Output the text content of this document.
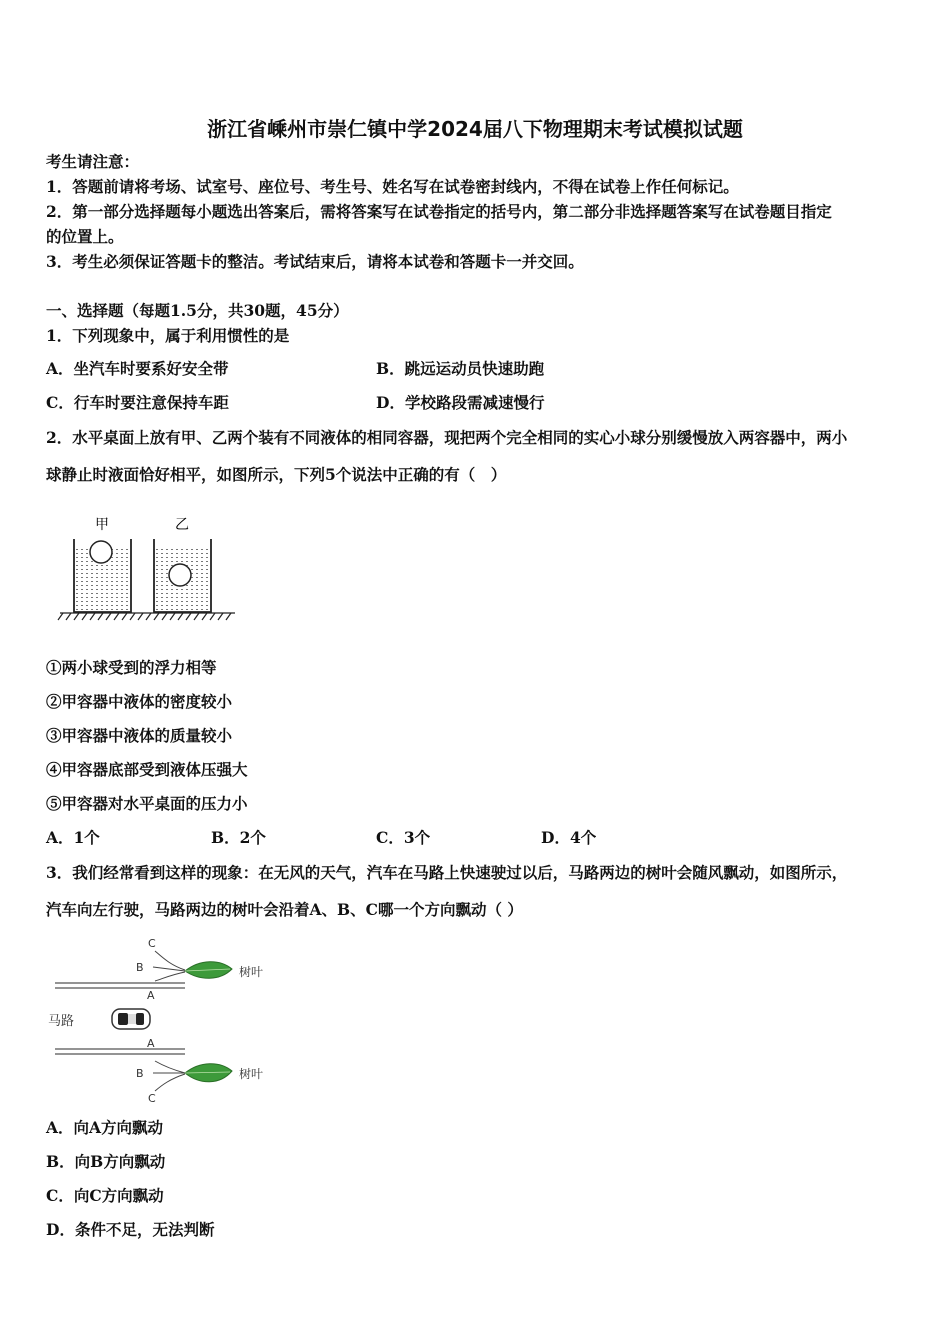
浙江省嵊州市崇仁镇中学2024届八下物理期末考试模拟试题
考生请注意：
1．答题前请将考场、试室号、座位号、考生号、姓名写在试卷密封线内，不得在试卷上作任何标记。
2．第一部分选择题每小题选出答案后，需将答案写在试卷指定的括号内，第二部分非选择题答案写在试卷题目指定
的位置上。
3．考生必须保证答题卡的整洁。考试结束后，请将本试卷和答题卡一并交回。
一、选择题（每题1.5分，共30题，45分）
1．下列现象中，属于利用惯性的是
A．坐汽车时要系好安全带	B．跳远运动员快速助跑
C．行车时要注意保持车距	D．学校路段需减速慢行
2．水平桌面上放有甲、乙两个装有不同液体的相同容器，现把两个完全相同的实心小球分别缓慢放入两容器中，两小
球静止时液面恰好相平，如图所示，下列5个说法中正确的有（　）
甲	乙
①两小球受到的浮力相等
②甲容器中液体的密度较小
③甲容器中液体的质量较小
④甲容器底部受到液体压强大
⑤甲容器对水平桌面的压力小
A．1个	B．2个	C．3个	D．4个
3．我们经常看到这样的现象：在无风的天气，汽车在马路上快速驶过以后，马路两边的树叶会随风飘动，如图所示，
汽车向左行驶，马路两边的树叶会沿着A、B、C哪一个方向飘动（ ）
马路
C
B
A
树叶
A
B
C
树叶
A．向A方向飘动
B．向B方向飘动
C．向C方向飘动
D．条件不足，无法判断
